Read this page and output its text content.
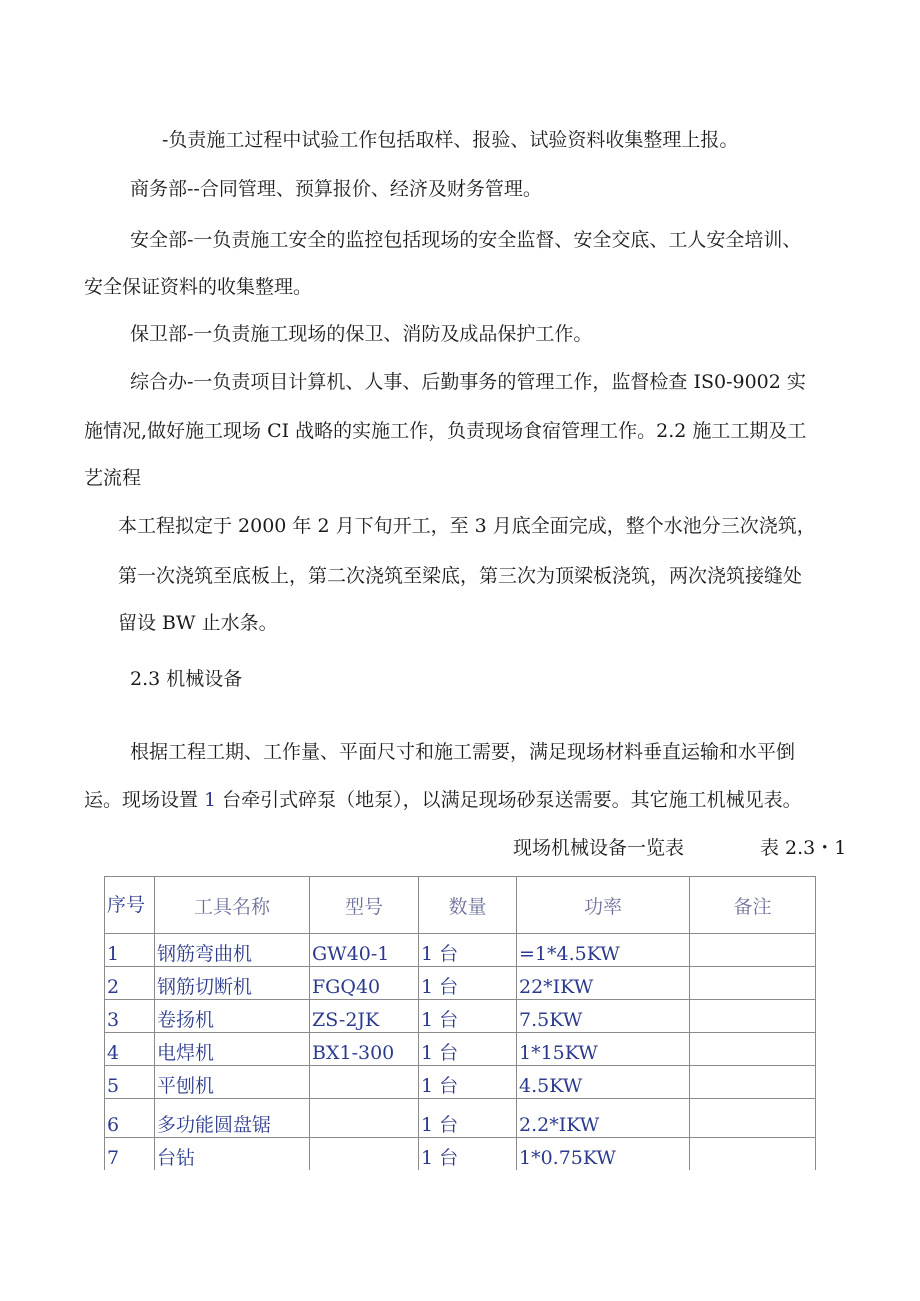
-负责施工过程中试验工作包括取样、报验、试验资料收集整理上报。
商务部--合同管理、预算报价、经济及财务管理。
安全部-一负责施工安全的监控包括现场的安全监督、安全交底、工人安全培训、
安全保证资料的收集整理。
保卫部-一负责施工现场的保卫、消防及成品保护工作。
综合办-一负责项目计算机、人事、后勤事务的管理工作，监督检查 IS0-9002 实
施情况,做好施工现场 CI 战略的实施工作，负责现场食宿管理工作。2.2 施工工期及工
艺流程
本工程拟定于 2000 年 2 月下旬开工，至 3 月底全面完成，整个水池分三次浇筑，
第一次浇筑至底板上，第二次浇筑至梁底，第三次为顶梁板浇筑，两次浇筑接缝处
留设 BW 止水条。
2.3 机械设备
根据工程工期、工作量、平面尺寸和施工需要，满足现场材料垂直运输和水平倒
运。现场设置 1 台牵引式碎泵（地泵），以满足现场砂泵送需要。其它施工机械见表。
现场机械设备一览表	表 2.3・1
序号	工具名称	型号	数量	功率	备注
1	钢筋弯曲机	GW40-1	1 台	=1*4.5KW	
2	钢筋切断机	FGQ40	1 台	22*IKW	
3	卷扬机	ZS-2JK	1 台	7.5KW	
4	电焊机	BX1-300	1 台	1*15KW	
5	平刨机		1 台	4.5KW	
6	多功能圆盘锯		1 台	2.2*IKW	
7	台钻		1 台	1*0.75KW	
